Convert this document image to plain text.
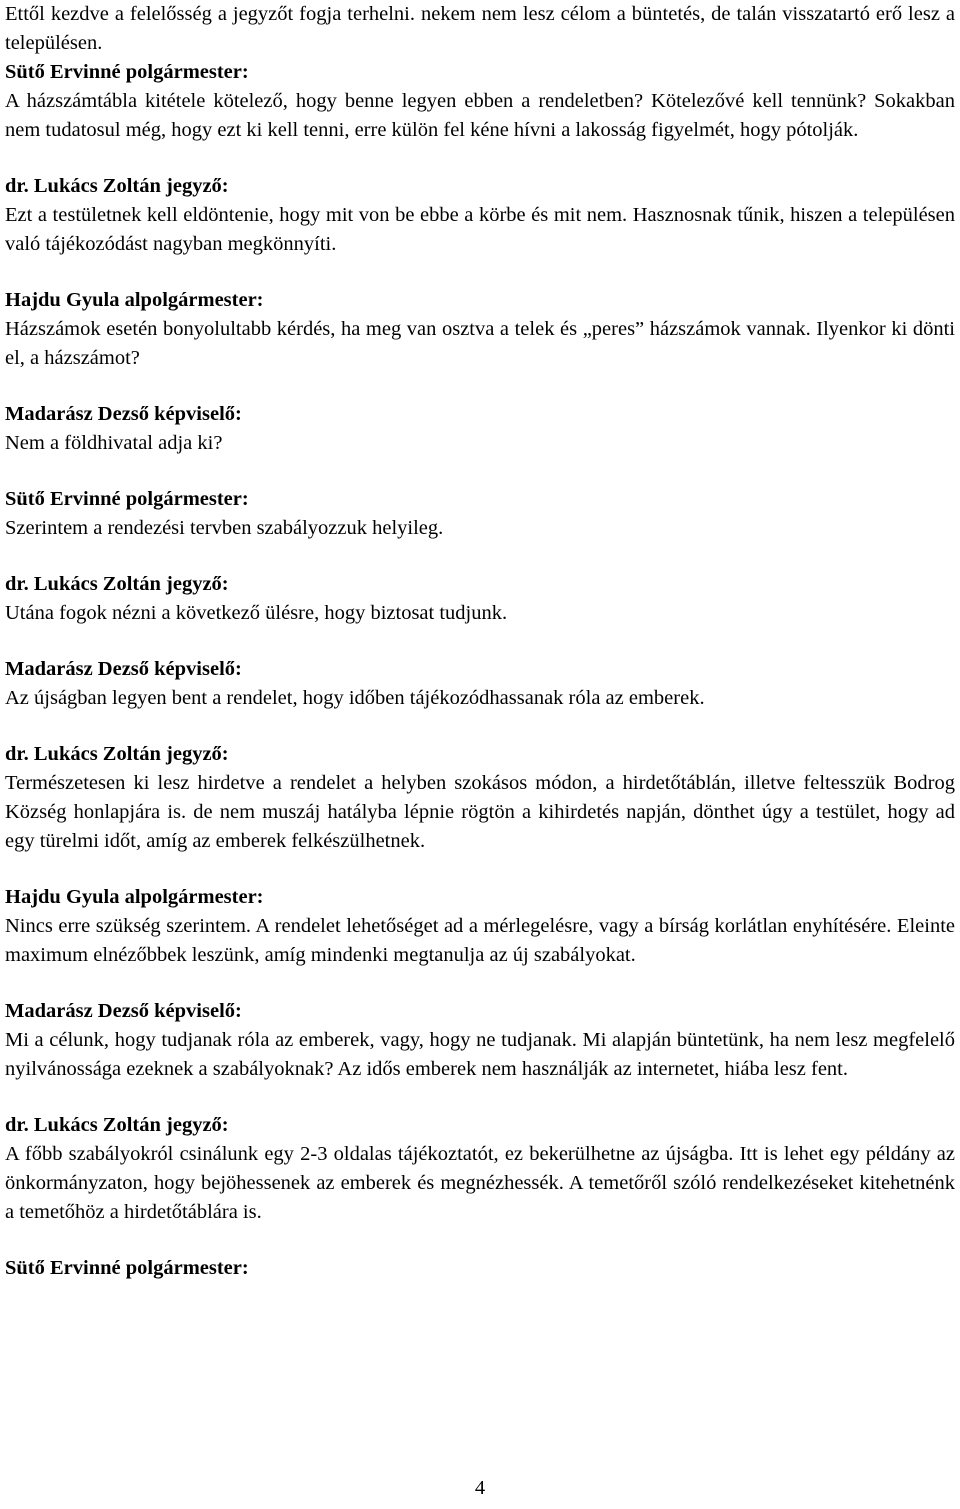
Ettől kezdve a felelősség a jegyzőt fogja terhelni. nekem nem lesz célom a büntetés, de talán visszatartó erő lesz a településen.

Sütő Ervinné polgármester:
A házszámtábla kitétele kötelező, hogy benne legyen ebben a rendeletben? Kötelezővé kell tennünk? Sokakban nem tudatosul még, hogy ezt ki kell tenni, erre külön fel kéne hívni a lakosság figyelmét, hogy pótolják.
dr. Lukács Zoltán jegyző:
Ezt a testületnek kell eldöntenie, hogy mit von be ebbe a körbe és mit nem. Hasznosnak tűnik, hiszen a településen való tájékozódást nagyban megkönnyíti.
Hajdu Gyula alpolgármester:
Házszámok esetén bonyolultabb kérdés, ha meg van osztva a telek és „peres” házszámok vannak. Ilyenkor ki dönti el, a házszámot?
Madarász Dezső képviselő:
Nem a földhivatal adja ki?
Sütő Ervinné polgármester:
Szerintem a rendezési tervben szabályozzuk helyileg.
dr. Lukács Zoltán jegyző:
Utána fogok nézni a következő ülésre, hogy biztosat tudjunk.
Madarász Dezső képviselő:
Az újságban legyen bent a rendelet, hogy időben tájékozódhassanak róla az emberek.
dr. Lukács Zoltán jegyző:
Természetesen ki lesz hirdetve a rendelet a helyben szokásos módon, a hirdetőtáblán, illetve feltesszük Bodrog Község honlapjára is. de nem muszáj hatályba lépnie rögtön a kihirdetés napján, dönthet úgy a testület, hogy ad egy türelmi időt, amíg az emberek felkészülhetnek.
Hajdu Gyula alpolgármester:
Nincs erre szükség szerintem. A rendelet lehetőséget ad a mérlegelésre, vagy a bírság korlátlan enyhítésére. Eleinte maximum elnézőbbek leszünk, amíg mindenki megtanulja az új szabályokat.
Madarász Dezső képviselő:
Mi a célunk, hogy tudjanak róla az emberek, vagy, hogy ne tudjanak. Mi alapján büntetünk, ha nem lesz megfelelő nyilvánossága ezeknek a szabályoknak? Az idős emberek nem használják az internetet, hiába lesz fent.
dr. Lukács Zoltán jegyző:
A főbb szabályokról csinálunk egy 2-3 oldalas tájékoztatót, ez bekerülhetne az újságba. Itt is lehet egy példány az önkormányzaton, hogy bejöhessenek az emberek és megnézhessék. A temetőről szóló rendelkezéseket kitehetnénk a temetőhöz a hirdetőtáblára is.
Sütő Ervinné polgármester:
4
